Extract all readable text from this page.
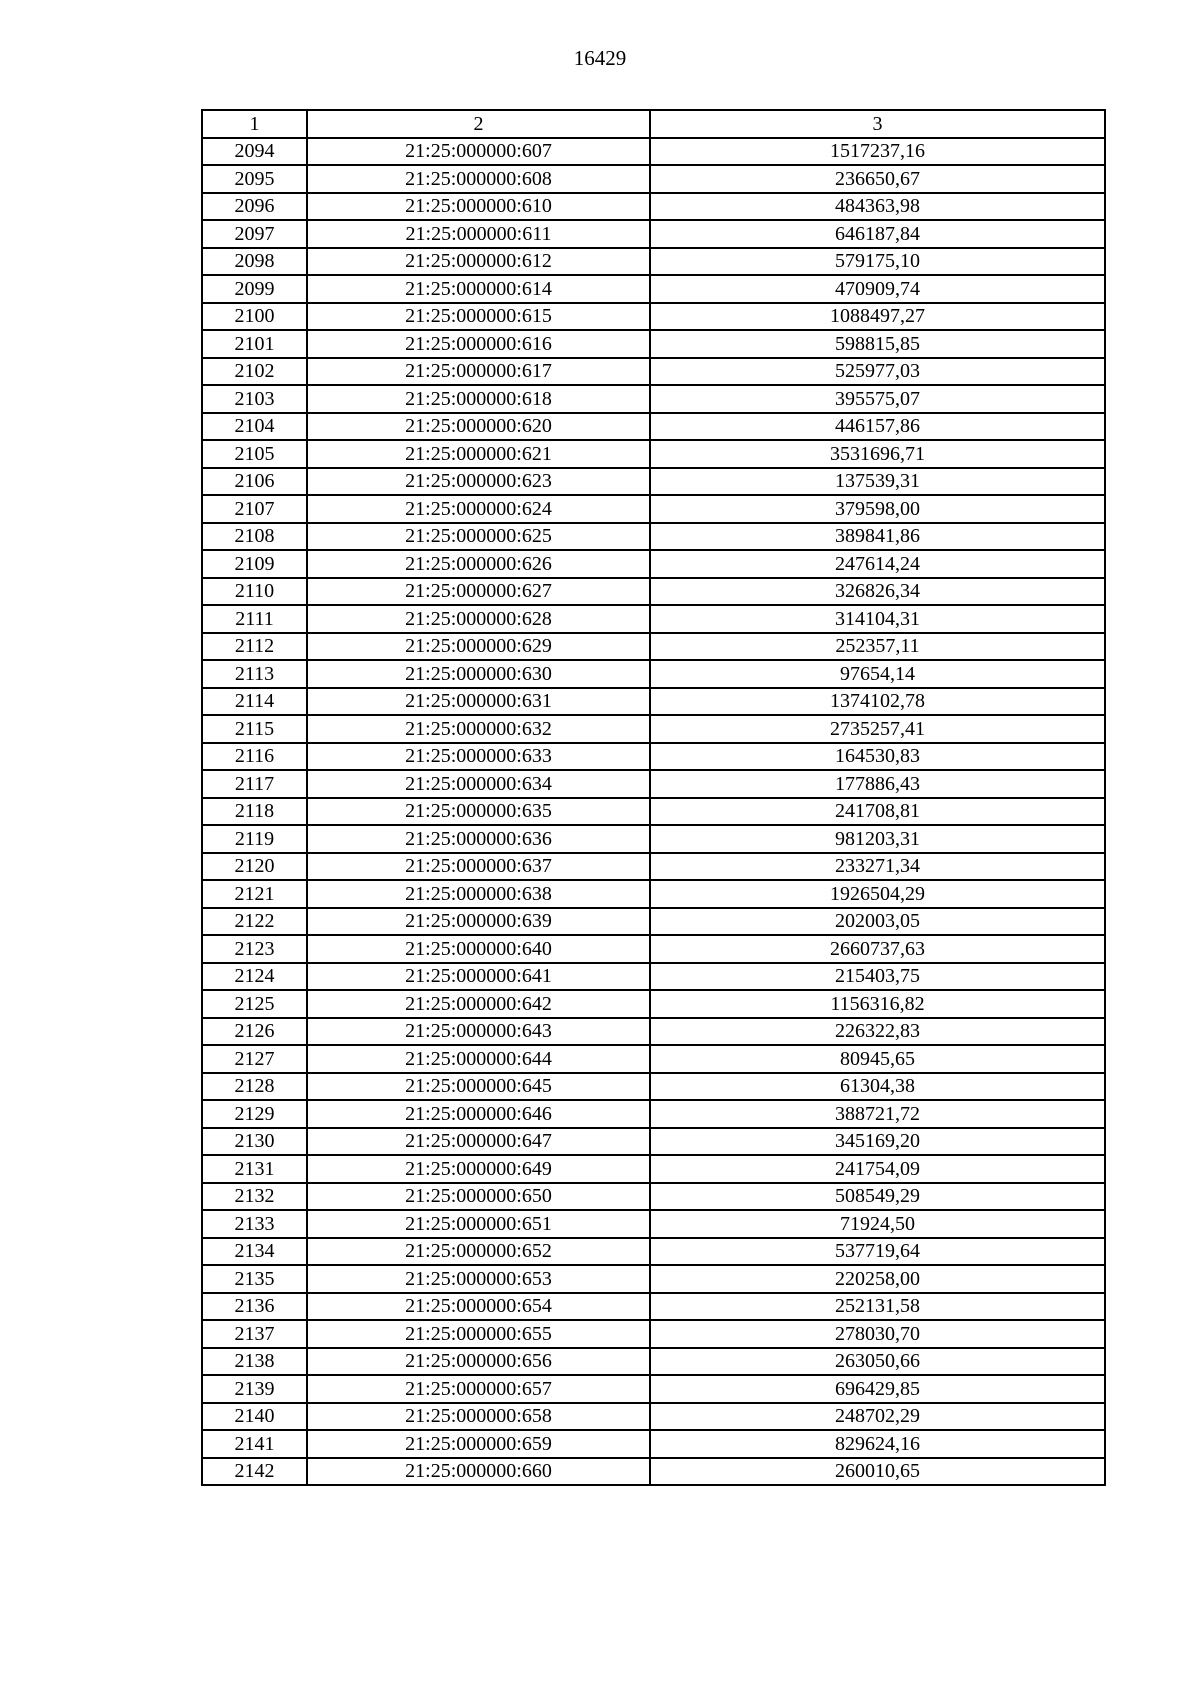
16429
1	2	3
2094	21:25:000000:607	1517237,16
2095	21:25:000000:608	236650,67
2096	21:25:000000:610	484363,98
2097	21:25:000000:611	646187,84
2098	21:25:000000:612	579175,10
2099	21:25:000000:614	470909,74
2100	21:25:000000:615	1088497,27
2101	21:25:000000:616	598815,85
2102	21:25:000000:617	525977,03
2103	21:25:000000:618	395575,07
2104	21:25:000000:620	446157,86
2105	21:25:000000:621	3531696,71
2106	21:25:000000:623	137539,31
2107	21:25:000000:624	379598,00
2108	21:25:000000:625	389841,86
2109	21:25:000000:626	247614,24
2110	21:25:000000:627	326826,34
2111	21:25:000000:628	314104,31
2112	21:25:000000:629	252357,11
2113	21:25:000000:630	97654,14
2114	21:25:000000:631	1374102,78
2115	21:25:000000:632	2735257,41
2116	21:25:000000:633	164530,83
2117	21:25:000000:634	177886,43
2118	21:25:000000:635	241708,81
2119	21:25:000000:636	981203,31
2120	21:25:000000:637	233271,34
2121	21:25:000000:638	1926504,29
2122	21:25:000000:639	202003,05
2123	21:25:000000:640	2660737,63
2124	21:25:000000:641	215403,75
2125	21:25:000000:642	1156316,82
2126	21:25:000000:643	226322,83
2127	21:25:000000:644	80945,65
2128	21:25:000000:645	61304,38
2129	21:25:000000:646	388721,72
2130	21:25:000000:647	345169,20
2131	21:25:000000:649	241754,09
2132	21:25:000000:650	508549,29
2133	21:25:000000:651	71924,50
2134	21:25:000000:652	537719,64
2135	21:25:000000:653	220258,00
2136	21:25:000000:654	252131,58
2137	21:25:000000:655	278030,70
2138	21:25:000000:656	263050,66
2139	21:25:000000:657	696429,85
2140	21:25:000000:658	248702,29
2141	21:25:000000:659	829624,16
2142	21:25:000000:660	260010,65
